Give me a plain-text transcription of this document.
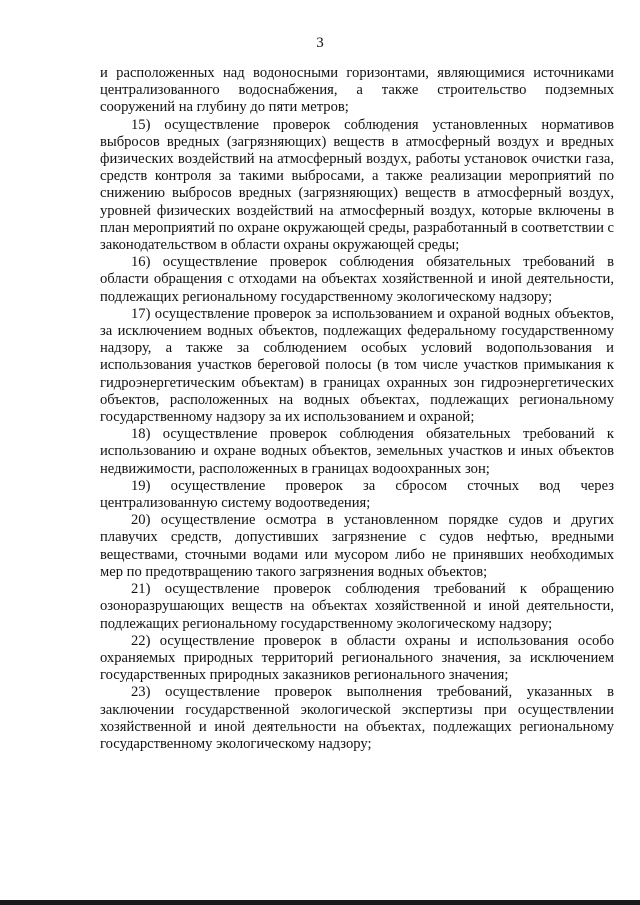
3

и расположенных над водоносными горизонтами, являющимися источниками централизованного водоснабжения, а также строительство подземных сооружений на глубину до пяти метров;

15) осуществление проверок соблюдения установленных нормативов выбросов вредных (загрязняющих) веществ в атмосферный воздух и вредных физических воздействий на атмосферный воздух, работы установок очистки газа, средств контроля за такими выбросами, а также реализации мероприятий по снижению выбросов вредных (загрязняющих) веществ в атмосферный воздух, уровней физических воздействий на атмосферный воздух, которые включены в план мероприятий по охране окружающей среды, разработанный в соответствии с законодательством в области охраны окружающей среды;

16) осуществление проверок соблюдения обязательных требований в области обращения с отходами на объектах хозяйственной и иной деятельности, подлежащих региональному государственному экологическому надзору;

17) осуществление проверок за использованием и охраной водных объектов, за исключением водных объектов, подлежащих федеральному государственному надзору, а также за соблюдением особых условий водопользования и использования участков береговой полосы (в том числе участков примыкания к гидроэнергетическим объектам) в границах охранных зон гидроэнергетических объектов, расположенных на водных объектах, подлежащих региональному государственному надзору за их использованием и охраной;

18) осуществление проверок соблюдения обязательных требований к использованию и охране водных объектов, земельных участков и иных объектов недвижимости, расположенных в границах водоохранных зон;

19) осуществление проверок за сбросом сточных вод через централизованную систему водоотведения;

20) осуществление осмотра в установленном порядке судов и других плавучих средств, допустивших загрязнение с судов нефтью, вредными веществами, сточными водами или мусором либо не принявших необходимых мер по предотвращению такого загрязнения водных объектов;

21) осуществление проверок соблюдения требований к обращению озоноразрушающих веществ на объектах хозяйственной и иной деятельности, подлежащих региональному государственному экологическому надзору;

22) осуществление проверок в области охраны и использования особо охраняемых природных территорий регионального значения, за исключением государственных природных заказников регионального значения;

23) осуществление проверок выполнения требований, указанных в заключении государственной экологической экспертизы при осуществлении хозяйственной и иной деятельности на объектах, подлежащих региональному государственному экологическому надзору;
